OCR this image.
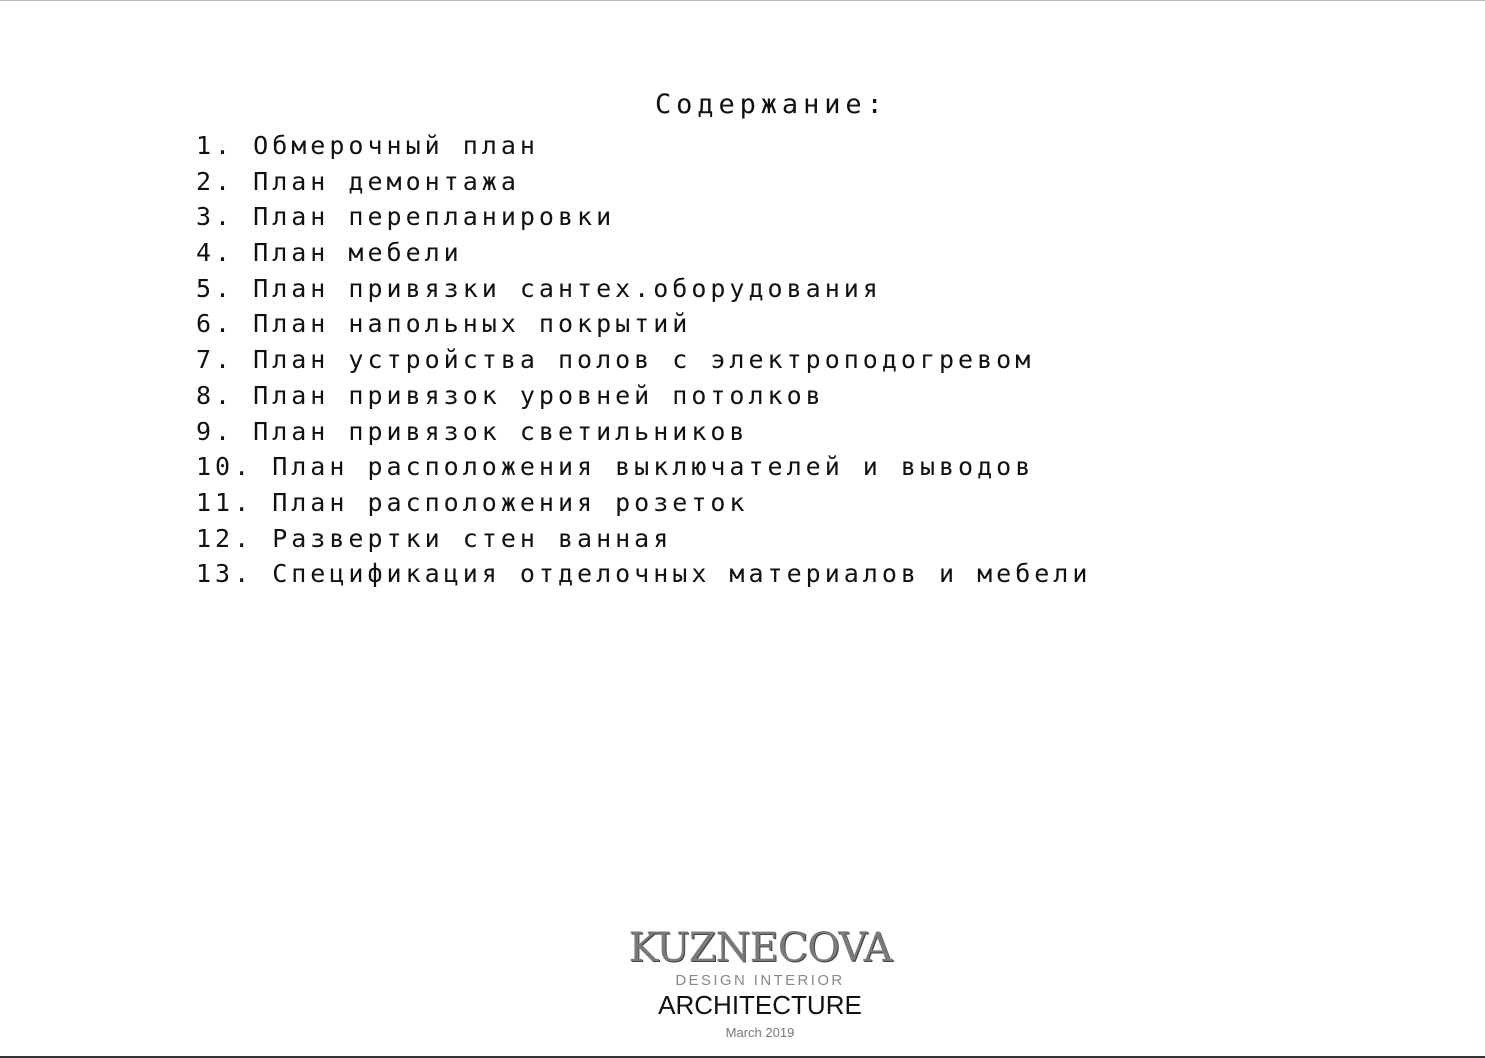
Содержание:
1. Обмерочный план
2. План демонтажа
3. План перепланировки
4. План мебели
5. План привязки сантех.оборудования
6. План напольных покрытий
7. План устройства полов с электроподогревом
8. План привязок уровней потолков
9. План привязок светильников
10. План расположения выключателей и выводов
11. План расположения розеток
12. Развертки стен ванная
13. Спецификация отделочных материалов и мебели
KUZNECOVA
DESIGN INTERIOR
ARCHITECTURE
March 2019
